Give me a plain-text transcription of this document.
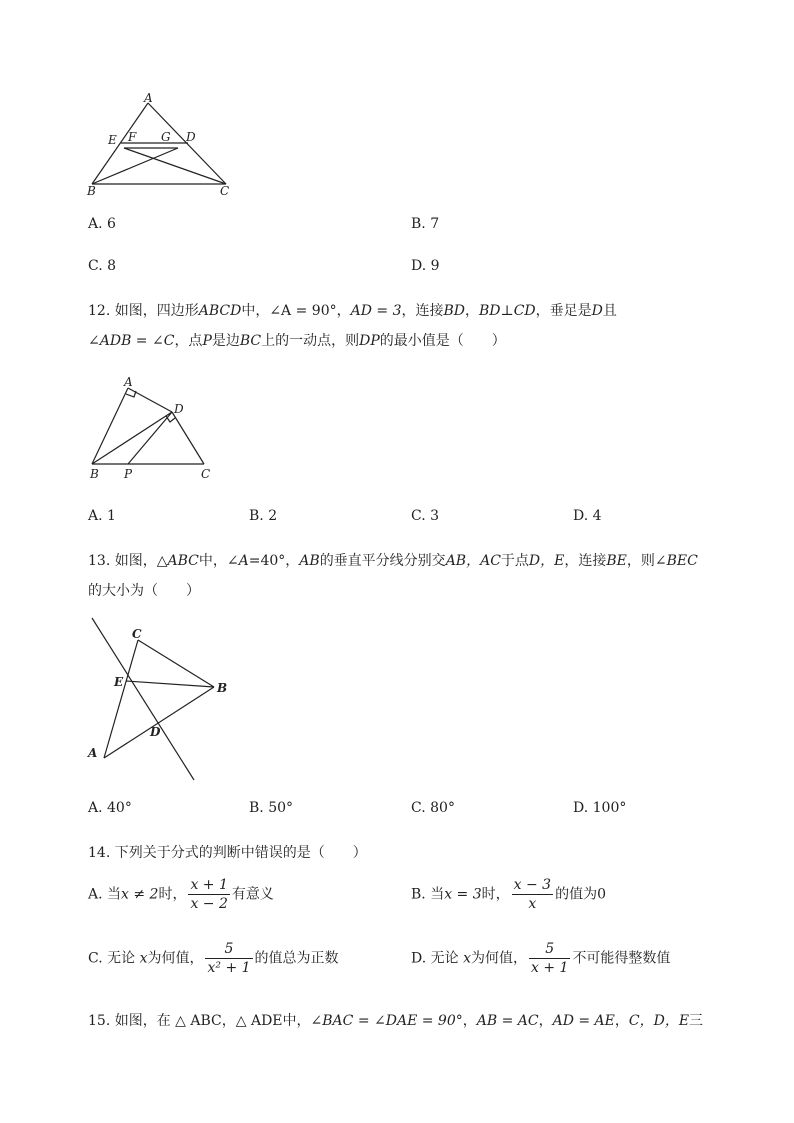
A
E F G D
B	C
A. 6	B. 7
C. 8	D. 9
12. 如图，四边形ABCD中，∠A = 90°，AD = 3，连接BD，BD⊥CD，垂足是D且
∠ADB = ∠C，点P是边BC上的一动点，则DP的最小值是（　　）
A
D
B P	C
A. 1	B. 2	C. 3	D. 4
13. 如图，△ABC中，∠A=40°，AB的垂直平分线分别交AB，AC于点D，E，连接BE，则∠BEC
的大小为（　　）
C
E	B
D
A
A. 40°	B. 50°	C. 80°	D. 100°
14. 下列关于分式的判断中错误的是（　　）
A. 当x ≠ 2时， $\frac{x + 1}{x - 2}$ 有意义	B. 当x = 3时， $\frac{x - 3}{x}$ 的值为0
C. 无论 x为何值， $\frac{5}{\text{x² + 1}}$ 的值总为正数	D. 无论 x为何值， $\frac{5}{x + 1}$ 不可能得整数值
15. 如图，在 △ ABC，△ ADE中，∠BAC = ∠DAE = 90°，AB = AC，AD = AE，C，D，E三
